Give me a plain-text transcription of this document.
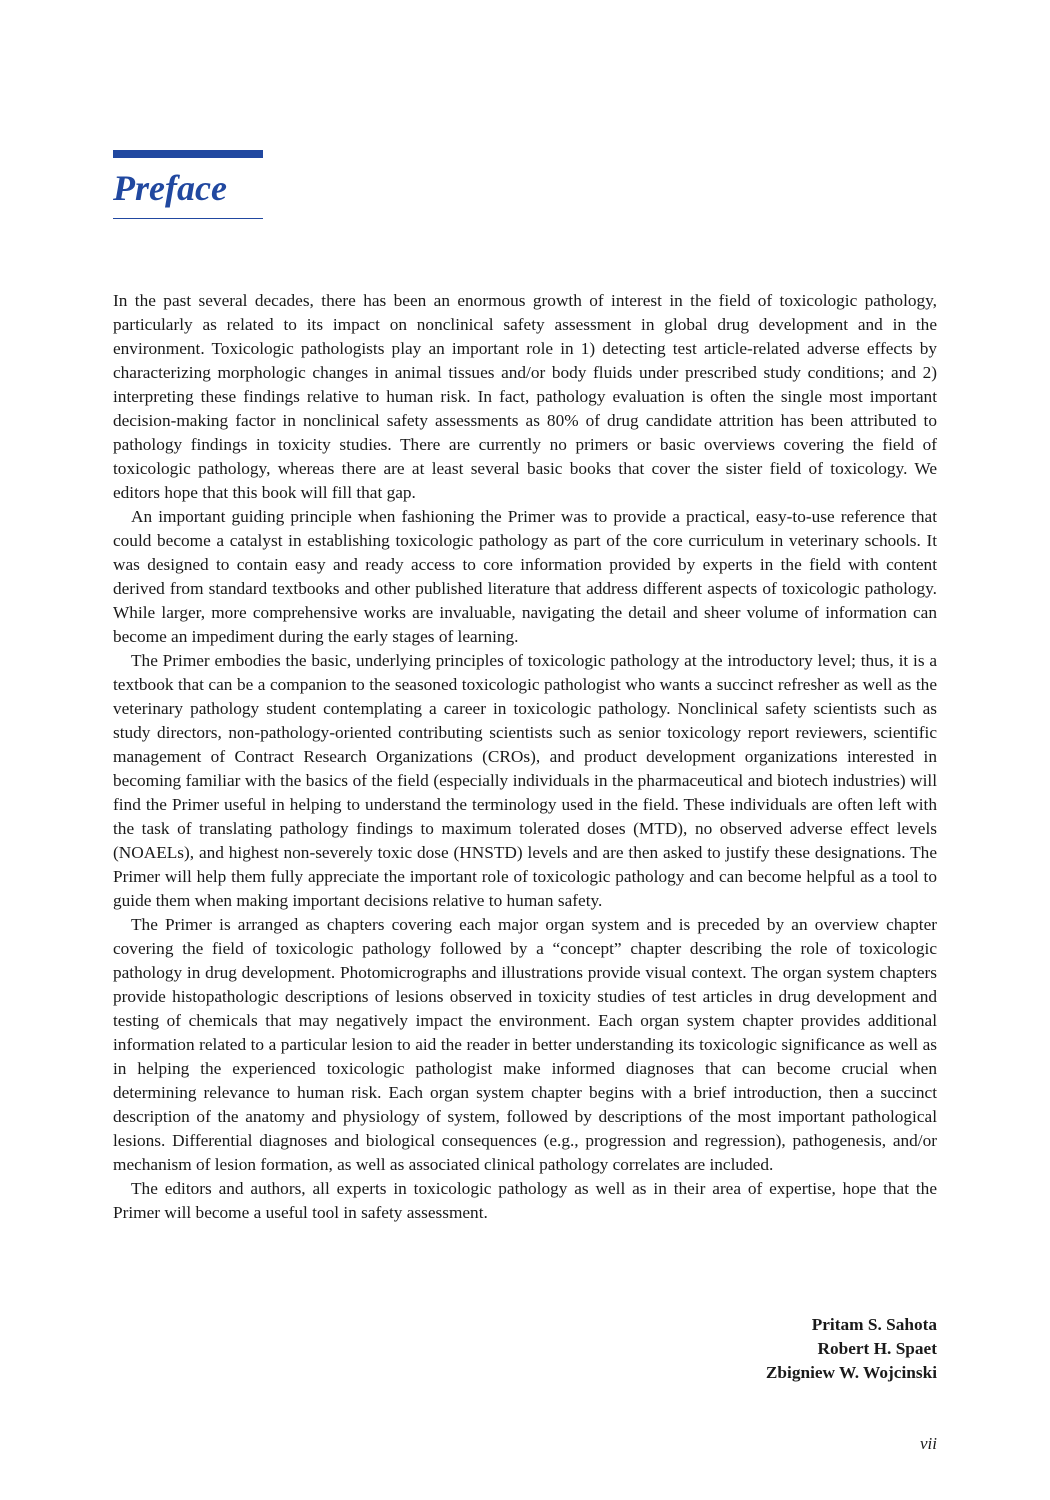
Preface

In the past several decades, there has been an enormous growth of interest in the field of toxicologic pathology, particularly as related to its impact on nonclinical safety assessment in global drug development and in the environment. Toxicologic pathologists play an important role in 1) detecting test article-related adverse effects by characterizing morphologic changes in animal tissues and/or body fluids under prescribed study conditions; and 2) interpreting these findings relative to human risk. In fact, pathology evaluation is often the single most important decision-making factor in nonclinical safety assessments as 80% of drug candidate attrition has been attributed to pathology findings in toxicity studies. There are currently no primers or basic overviews covering the field of toxicologic pathology, whereas there are at least several basic books that cover the sister field of toxicology. We editors hope that this book will fill that gap.

An important guiding principle when fashioning the Primer was to provide a practical, easy-to-use reference that could become a catalyst in establishing toxicologic pathology as part of the core curriculum in veterinary schools. It was designed to contain easy and ready access to core information provided by experts in the field with content derived from standard textbooks and other published literature that address different aspects of toxicologic pathology. While larger, more comprehensive works are invaluable, navigating the detail and sheer volume of information can become an impediment during the early stages of learning.

The Primer embodies the basic, underlying principles of toxicologic pathology at the introductory level; thus, it is a textbook that can be a companion to the seasoned toxicologic pathologist who wants a succinct refresher as well as the veterinary pathology student contemplating a career in toxicologic pathology. Nonclinical safety scientists such as study directors, non-pathology-oriented contributing scientists such as senior toxicology report reviewers, scientific management of Contract Research Organizations (CROs), and product development organizations interested in becoming familiar with the basics of the field (especially individuals in the pharmaceutical and biotech industries) will find the Primer useful in helping to understand the terminology used in the field. These individuals are often left with the task of translating pathology findings to maximum tolerated doses (MTD), no observed adverse effect levels (NOAELs), and highest non-severely toxic dose (HNSTD) levels and are then asked to justify these designations. The Primer will help them fully appreciate the important role of toxicologic pathology and can become helpful as a tool to guide them when making important decisions relative to human safety.

The Primer is arranged as chapters covering each major organ system and is preceded by an overview chapter covering the field of toxicologic pathology followed by a “concept” chapter describing the role of toxicologic pathology in drug development. Photomicrographs and illustrations provide visual context. The organ system chapters provide histopathologic descriptions of lesions observed in toxicity studies of test articles in drug development and testing of chemicals that may negatively impact the environment. Each organ system chapter provides additional information related to a particular lesion to aid the reader in better understanding its toxicologic significance as well as in helping the experienced toxicologic pathologist make informed diagnoses that can become crucial when determining relevance to human risk. Each organ system chapter begins with a brief introduction, then a succinct description of the anatomy and physiology of system, followed by descriptions of the most important pathological lesions. Differential diagnoses and biological consequences (e.g., progression and regression), pathogenesis, and/or mechanism of lesion formation, as well as associated clinical pathology correlates are included.

The editors and authors, all experts in toxicologic pathology as well as in their area of expertise, hope that the Primer will become a useful tool in safety assessment.

Pritam S. Sahota
Robert H. Spaet
Zbigniew W. Wojcinski
vii
